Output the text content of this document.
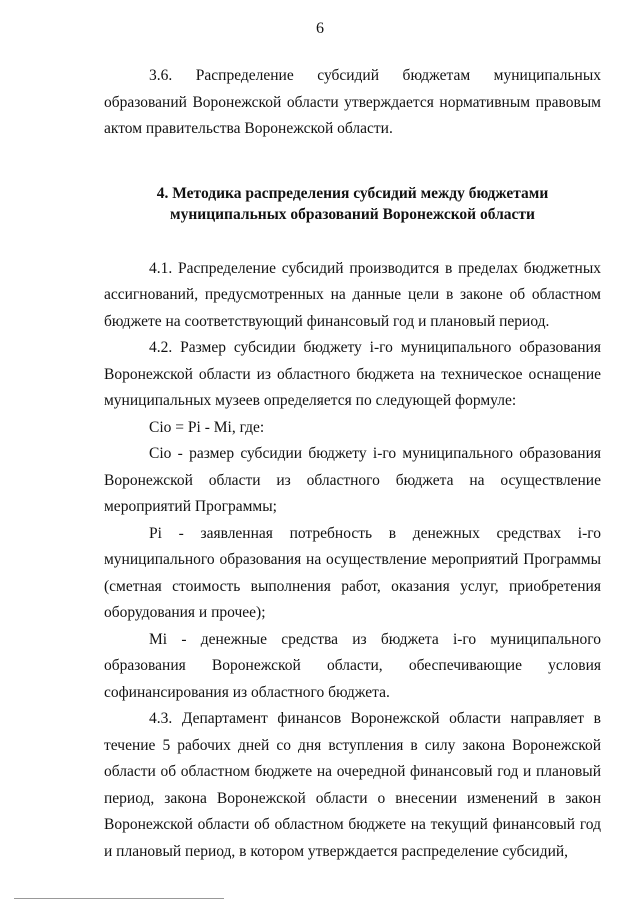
6

3.6. Распределение субсидий бюджетам муниципальных образований Воронежской области утверждается нормативным правовым актом правительства Воронежской области.

4. Методика распределения субсидий между бюджетами
муниципальных образований Воронежской области

4.1. Распределение субсидий производится в пределах бюджетных ассигнований, предусмотренных на данные цели в законе об областном бюджете на соответствующий финансовый год и плановый период.

4.2. Размер субсидии бюджету i-го муниципального образования Воронежской области из областного бюджета на техническое оснащение муниципальных музеев определяется по следующей формуле:

Сio = Pi - Mi, где:

Сio - размер субсидии бюджету i-го муниципального образования Воронежской области из областного бюджета на осуществление мероприятий Программы;

Pi - заявленная потребность в денежных средствах i-го муниципального образования на осуществление мероприятий Программы (сметная стоимость выполнения работ, оказания услуг, приобретения оборудования и прочее);

Mi - денежные средства из бюджета i-го муниципального образования Воронежской области, обеспечивающие условия софинансирования из областного бюджета.

4.3. Департамент финансов Воронежской области направляет в течение 5 рабочих дней со дня вступления в силу закона Воронежской области об областном бюджете на очередной финансовый год и плановый период, закона Воронежской области о внесении изменений в закон Воронежской области об областном бюджете на текущий финансовый год и плановый период, в котором утверждается распределение субсидий,
